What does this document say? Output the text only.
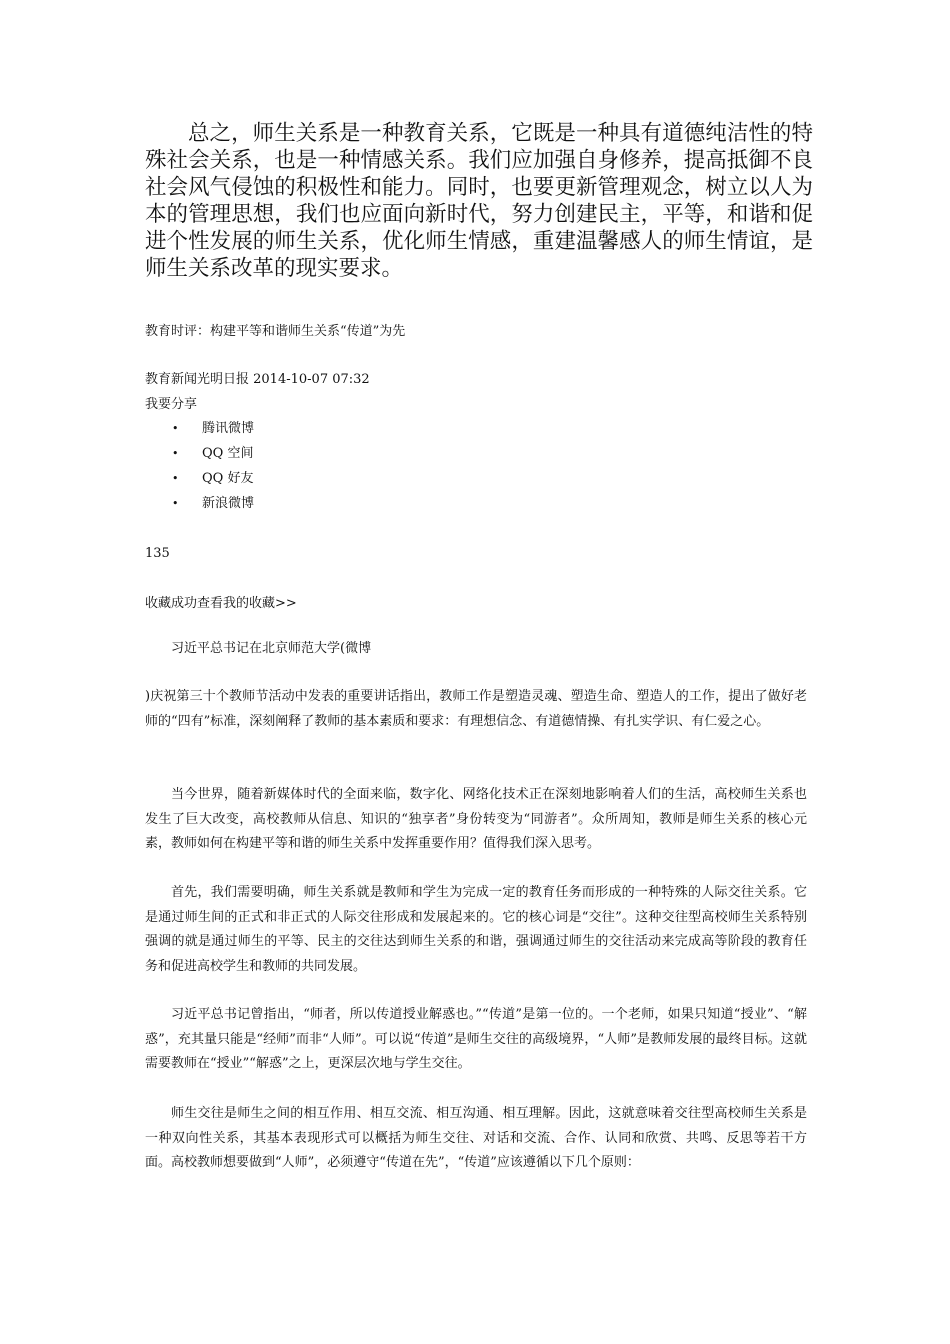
总之，师生关系是一种教育关系，它既是一种具有道德纯洁性的特殊社会关系，也是一种情感关系。我们应加强自身修养，提高抵御不良社会风气侵蚀的积极性和能力。同时，也要更新管理观念，树立以人为本的管理思想，我们也应面向新时代，努力创建民主，平等，和谐和促进个性发展的师生关系，优化师生情感，重建温馨感人的师生情谊，是师生关系改革的现实要求。

教育时评：构建平等和谐师生关系“传道”为先

教育新闻光明日报 2014-10-07 07:32

我要分享

•	腾讯微博
•	QQ 空间
•	QQ 好友
•	新浪微博

135

收藏成功查看我的收藏>>

习近平总书记在北京师范大学(微博

)庆祝第三十个教师节活动中发表的重要讲话指出，教师工作是塑造灵魂、塑造生命、塑造人的工作，提出了做好老师的“四有”标准，深刻阐释了教师的基本素质和要求：有理想信念、有道德情操、有扎实学识、有仁爱之心。

当今世界，随着新媒体时代的全面来临，数字化、网络化技术正在深刻地影响着人们的生活，高校师生关系也发生了巨大改变，高校教师从信息、知识的“独享者”身份转变为“同游者”。众所周知，教师是师生关系的核心元素，教师如何在构建平等和谐的师生关系中发挥重要作用？值得我们深入思考。

首先，我们需要明确，师生关系就是教师和学生为完成一定的教育任务而形成的一种特殊的人际交往关系。它是通过师生间的正式和非正式的人际交往形成和发展起来的。它的核心词是“交往”。这种交往型高校师生关系特别强调的就是通过师生的平等、民主的交往达到师生关系的和谐，强调通过师生的交往活动来完成高等阶段的教育任务和促进高校学生和教师的共同发展。

习近平总书记曾指出，“师者，所以传道授业解惑也。”“传道”是第一位的。一个老师，如果只知道“授业”、“解惑”，充其量只能是“经师”而非“人师”。可以说“传道”是师生交往的高级境界，“人师”是教师发展的最终目标。这就需要教师在“授业”“解惑”之上，更深层次地与学生交往。

师生交往是师生之间的相互作用、相互交流、相互沟通、相互理解。因此，这就意味着交往型高校师生关系是一种双向性关系，其基本表现形式可以概括为师生交往、对话和交流、合作、认同和欣赏、共鸣、反思等若干方面。高校教师想要做到“人师”，必须遵守“传道在先”，“传道”应该遵循以下几个原则：
